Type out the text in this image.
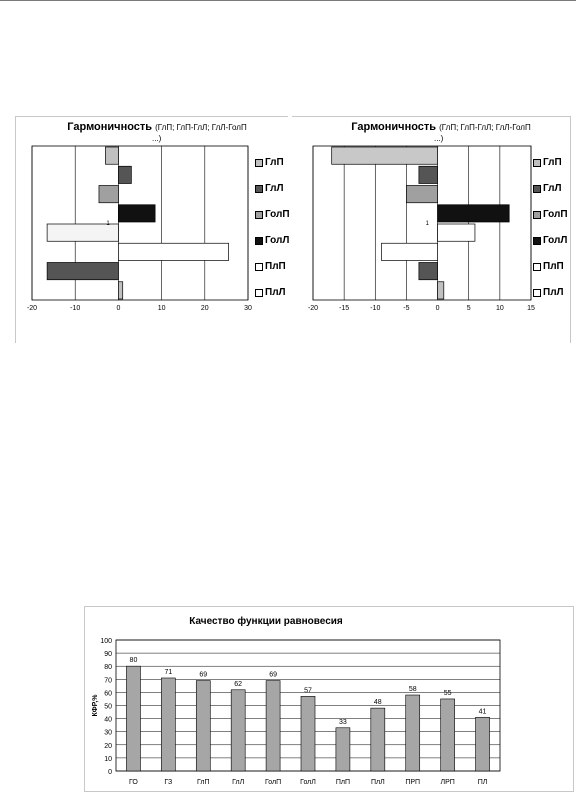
Гармоничность (ГлП; ГлП-ГлЛ; ГлЛ-ГолП
...)
-20	-10	0	10	20	30
1
ГлП
ГлЛ
ГолП
ГолЛ
ПлП
ПлЛ
Гармоничность (ГлП; ГлП-ГлЛ; ГлЛ-ГолП
...)
-20	-15	-10	-5	0	5	10	15
1
ГлП
ГлЛ
ГолП
ГолЛ
ПлП
ПлЛ
Качество функции равновесия
0
10
20
30
40
50
60
70
80
90
100
80
ГО
71
ГЗ
69
ГлП
62
ГлЛ
69
ГолП
57
ГолЛ
33
ПлП
48
ПлЛ
58
ПРП
55
ЛРП
41
ПЛ
КФР,%
